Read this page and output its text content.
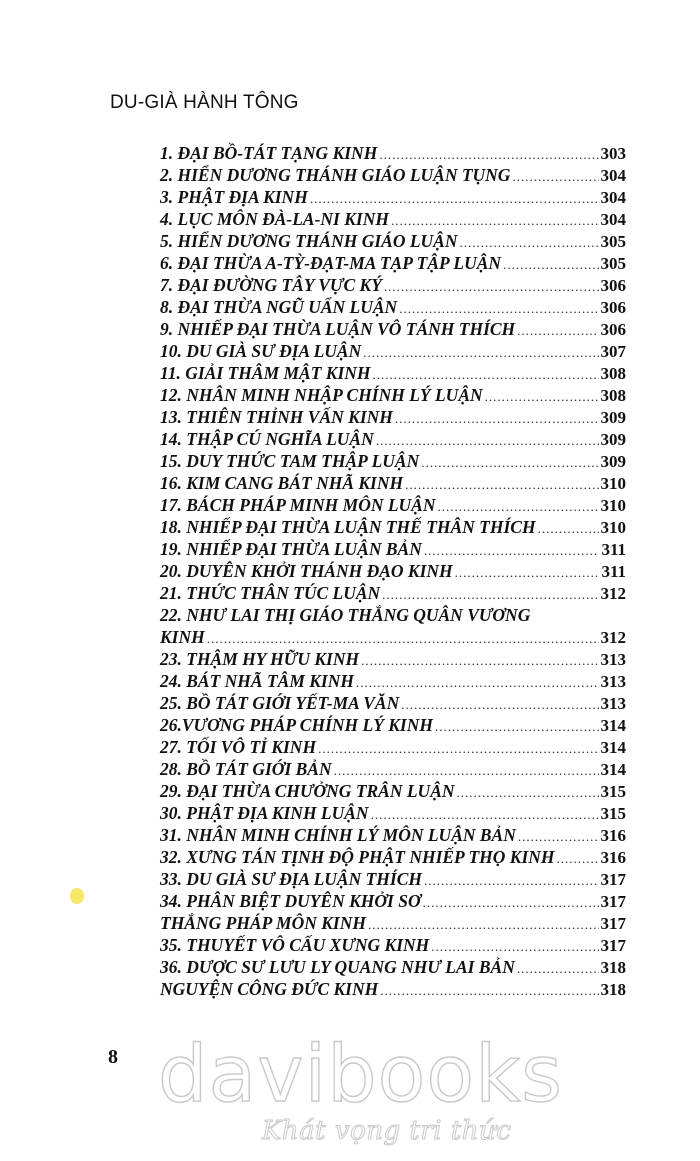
DU-GIÀ HÀNH TÔNG
1. ĐẠI BỒ-TÁT TẠNG KINH .....	303
2. HIỂN DƯƠNG THÁNH GIÁO LUẬN TỤNG .....	304
3. PHẬT ĐỊA KINH .....	304
4. LỤC MÔN ĐÀ-LA-NI KINH .....	304
5. HIỂN DƯƠNG THÁNH GIÁO LUẬN .....	305
6. ĐẠI THỪA A-TỲ-ĐẠT-MA TẠP TẬP LUẬN .....	305
7. ĐẠI ĐƯỜNG TÂY VỰC KÝ .....	306
8. ĐẠI THỪA NGŨ UẨN LUẬN .....	306
9. NHIẾP ĐẠI THỪA LUẬN VÔ TÁNH THÍCH .....	306
10. DU GIÀ SƯ ĐỊA LUẬN .....	307
11. GIẢI THÂM MẬT KINH .....	308
12. NHÂN MINH NHẬP CHÍNH LÝ LUẬN .....	308
13. THIÊN THỈNH VẤN KINH .....	309
14. THẬP CÚ NGHĨA LUẬN .....	309
15. DUY THỨC TAM THẬP LUẬN .....	309
16. KIM CANG BÁT NHÃ KINH .....	310
17. BÁCH PHÁP MINH MÔN LUẬN .....	310
18. NHIẾP ĐẠI THỪA LUẬN THẾ THÂN THÍCH .....	310
19. NHIẾP ĐẠI THỪA LUẬN BẢN .....	311
20. DUYÊN KHỞI THÁNH ĐẠO KINH .....	311
21. THỨC THÂN TÚC LUẬN .....	312
22. NHƯ LAI THỊ GIÁO THẮNG QUÂN VƯƠNG
KINH .....	312
23. THẬM HY HỮU KINH .....	313
24. BÁT NHÃ TÂM KINH .....	313
25. BỒ TÁT GIỚI YẾT-MA VĂN .....	313
26.VƯƠNG PHÁP CHÍNH LÝ KINH .....	314
27. TỐI VÔ TỈ KINH .....	314
28. BỒ TÁT GIỚI BẢN .....	314
29. ĐẠI THỪA CHƯỞNG TRÂN LUẬN .....	315
30. PHẬT ĐỊA KINH LUẬN .....	315
31. NHÂN MINH CHÍNH LÝ MÔN LUẬN BẢN .....	316
32. XƯNG TÁN TỊNH ĐỘ PHẬT NHIẾP THỌ KINH .....	316
33. DU GIÀ SƯ ĐỊA LUẬN THÍCH .....	317
34. PHÂN BIỆT DUYÊN KHỞI SƠ .....	317
THẮNG PHÁP MÔN KINH .....	317
35. THUYẾT VÔ CẤU XƯNG KINH .....	317
36. DƯỢC SƯ LƯU LY QUANG NHƯ LAI BẢN .....	318
NGUYỆN CÔNG ĐỨC KINH .....	318
8 davibooks
Khát vọng tri thức
